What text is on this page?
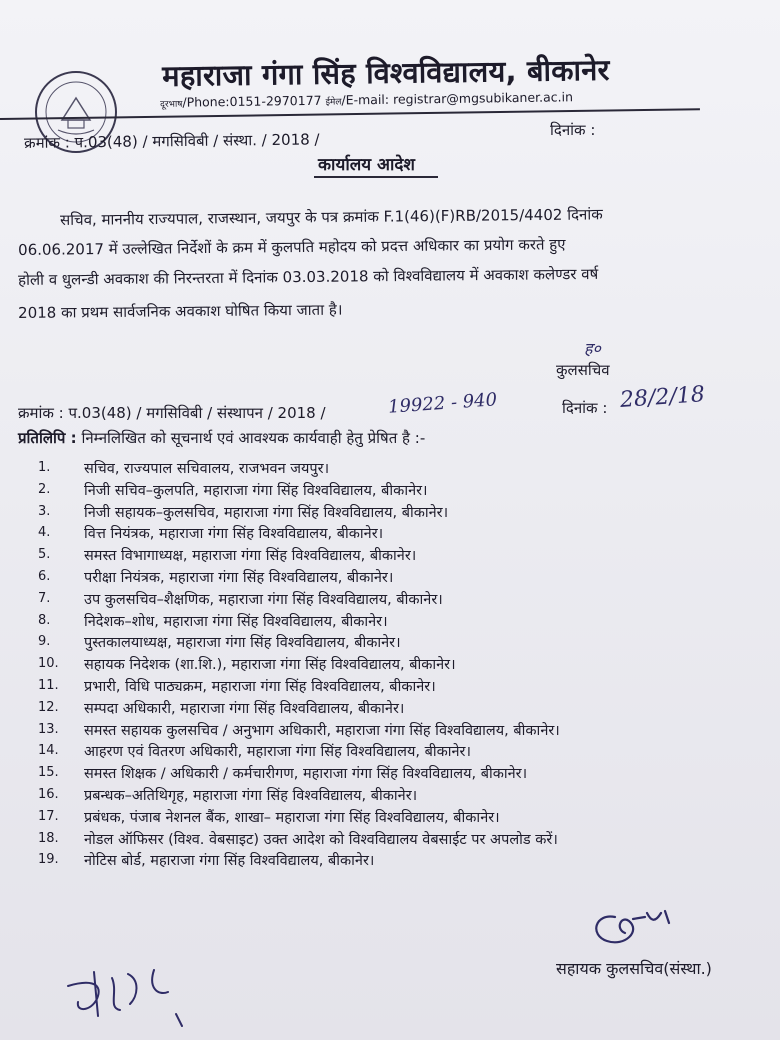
महाराजा गंगा सिंह विश्वविद्यालय, बीकानेर
दूरभाष/Phone:0151-2970177 ईमेल/E-mail: registrar@mgsubikaner.ac.in
क्रमांक : प.03(48) / मगसिविबी / संस्था. / 2018 /
दिनांक :
कार्यालय आदेश
सचिव, माननीय राज्यपाल, राजस्थान, जयपुर के पत्र क्रमांक F.1(46)(F)RB/2015/4402 दिनांक
06.06.2017 में उल्लेखित निर्देशों के क्रम में कुलपति महोदय को प्रदत्त अधिकार का प्रयोग करते हुए
होली व धुलन्डी अवकाश की निरन्तरता में दिनांक 03.03.2018 को विश्वविद्यालय में अवकाश कलेण्डर वर्ष
2018 का प्रथम सार्वजनिक अवकाश घोषित किया जाता है।
ह०
कुलसचिव
क्रमांक : प.03(48) / मगसिविबी / संस्थापन / 2018 /	19922 - 940	दिनांक : 28/2/18
प्रतिलिपि : निम्नलिखित को सूचनार्थ एवं आवश्यक कार्यवाही हेतु प्रेषित है :-
1.	सचिव, राज्यपाल सचिवालय, राजभवन जयपुर।
2.	निजी सचिव–कुलपति, महाराजा गंगा सिंह विश्वविद्यालय, बीकानेर।
3.	निजी सहायक–कुलसचिव, महाराजा गंगा सिंह विश्वविद्यालय, बीकानेर।
4.	वित्त नियंत्रक, महाराजा गंगा सिंह विश्वविद्यालय, बीकानेर।
5.	समस्त विभागाध्यक्ष, महाराजा गंगा सिंह विश्वविद्यालय, बीकानेर।
6.	परीक्षा नियंत्रक, महाराजा गंगा सिंह विश्वविद्यालय, बीकानेर।
7.	उप कुलसचिव–शैक्षणिक, महाराजा गंगा सिंह विश्वविद्यालय, बीकानेर।
8.	निदेशक–शोध, महाराजा गंगा सिंह विश्वविद्यालय, बीकानेर।
9.	पुस्तकालयाध्यक्ष, महाराजा गंगा सिंह विश्वविद्यालय, बीकानेर।
10.	सहायक निदेशक (शा.शि.), महाराजा गंगा सिंह विश्वविद्यालय, बीकानेर।
11.	प्रभारी, विधि पाठ्यक्रम, महाराजा गंगा सिंह विश्वविद्यालय, बीकानेर।
12.	सम्पदा अधिकारी, महाराजा गंगा सिंह विश्वविद्यालय, बीकानेर।
13.	समस्त सहायक कुलसचिव / अनुभाग अधिकारी, महाराजा गंगा सिंह विश्वविद्यालय, बीकानेर।
14.	आहरण एवं वितरण अधिकारी, महाराजा गंगा सिंह विश्वविद्यालय, बीकानेर।
15.	समस्त शिक्षक / अधिकारी / कर्मचारीगण, महाराजा गंगा सिंह विश्वविद्यालय, बीकानेर।
16.	प्रबन्धक–अतिथिगृह, महाराजा गंगा सिंह विश्वविद्यालय, बीकानेर।
17.	प्रबंधक, पंजाब नेशनल बैंक, शाखा– महाराजा गंगा सिंह विश्वविद्यालय, बीकानेर।
18.	नोडल ऑफिसर (विश्व. वेबसाइट) उक्त आदेश को विश्वविद्यालय वेबसाईट पर अपलोड करें।
19.	नोटिस बोर्ड, महाराजा गंगा सिंह विश्वविद्यालय, बीकानेर।
सहायक कुलसचिव(संस्था.)
